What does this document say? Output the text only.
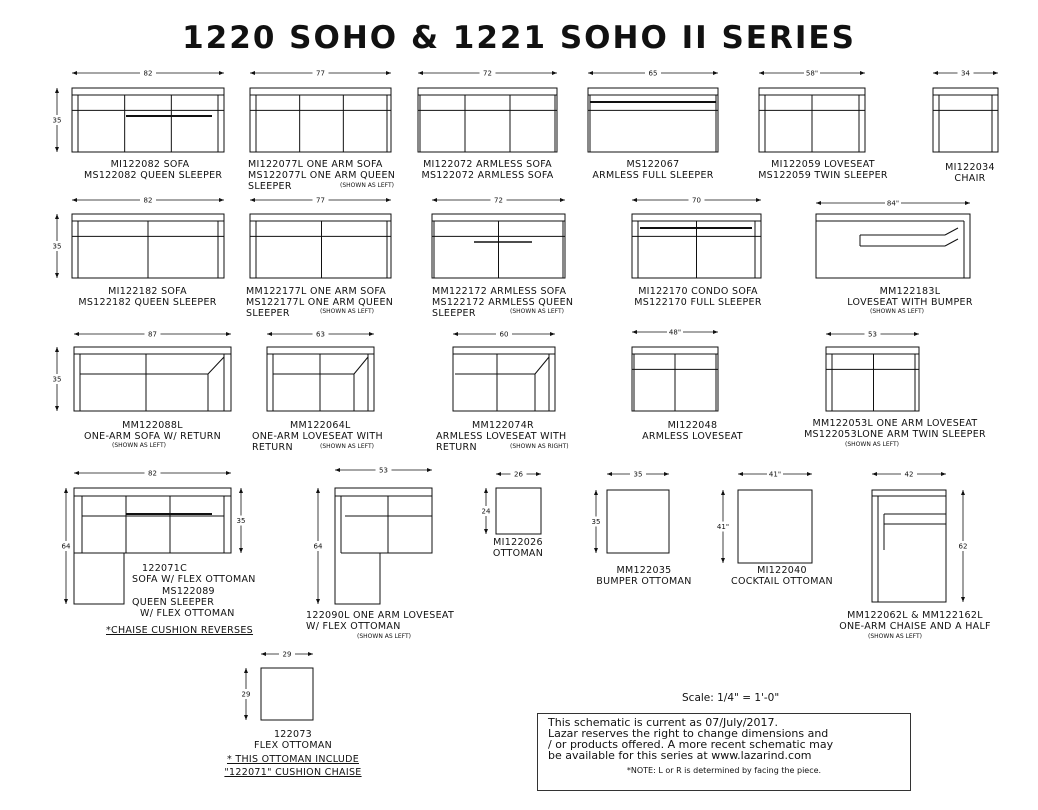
1220 SOHO & 1221 SOHO II SERIES
82
35
77	72	65	58"	34
82
35
77	72	70	84"
87
35
63	60	48"	53
82
64
35
53
64
26
24
35
35
41"
41"
42
62
29
29
MI122082 SOFA
MS122082 QUEEN SLEEPER
MI122077L ONE ARM SOFA
MS122077L ONE ARM QUEEN
SLEEPER	(SHOWN AS LEFT)
MI122072 ARMLESS SOFA
MS122072 ARMLESS SOFA
MS122067
ARMLESS FULL SLEEPER
MI122059 LOVESEAT
MS122059 TWIN SLEEPER
MI122034
CHAIR
MI122182 SOFA
MS122182 QUEEN SLEEPER
MM122177L ONE ARM SOFA
MS122177L ONE ARM QUEEN
SLEEPER	(SHOWN AS LEFT)
MM122172 ARMLESS SOFA
MS122172 ARMLESS QUEEN
SLEEPER	(SHOWN AS LEFT)
MI122170 CONDO SOFA
MS122170 FULL SLEEPER
MM122183L
LOVESEAT WITH BUMPER
(SHOWN AS LEFT)
MM122088L
ONE-ARM SOFA W/ RETURN
(SHOWN AS LEFT)
MM122064L
ONE-ARM LOVESEAT WITH
RETURN	(SHOWN AS LEFT)
MM122074R
ARMLESS LOVESEAT WITH
RETURN	(SHOWN AS RIGHT)
MI122048
ARMLESS LOVESEAT
MM122053L ONE ARM LOVESEAT
MS122053LONE ARM TWIN SLEEPER
(SHOWN AS LEFT)
122071C
SOFA W/ FLEX OTTOMAN
MS122089
QUEEN SLEEPER
W/ FLEX OTTOMAN
*CHAISE CUSHION REVERSES
122090L ONE ARM LOVESEAT
W/ FLEX OTTOMAN
(SHOWN AS LEFT)
MI122026
OTTOMAN
MM122035
BUMPER OTTOMAN
MI122040
COCKTAIL OTTOMAN
MM122062L & MM122162L
ONE-ARM CHAISE AND A HALF
(SHOWN AS LEFT)
122073
FLEX OTTOMAN
* THIS OTTOMAN INCLUDE
"122071" CUSHION CHAISE
Scale: 1/4" = 1'-0"
This schematic is current as 07/July/2017.
Lazar reserves the right to change dimensions and
/ or products offered. A more recent schematic may
be available for this series at www.lazarind.com
*NOTE: L or R is determined by facing the piece.
